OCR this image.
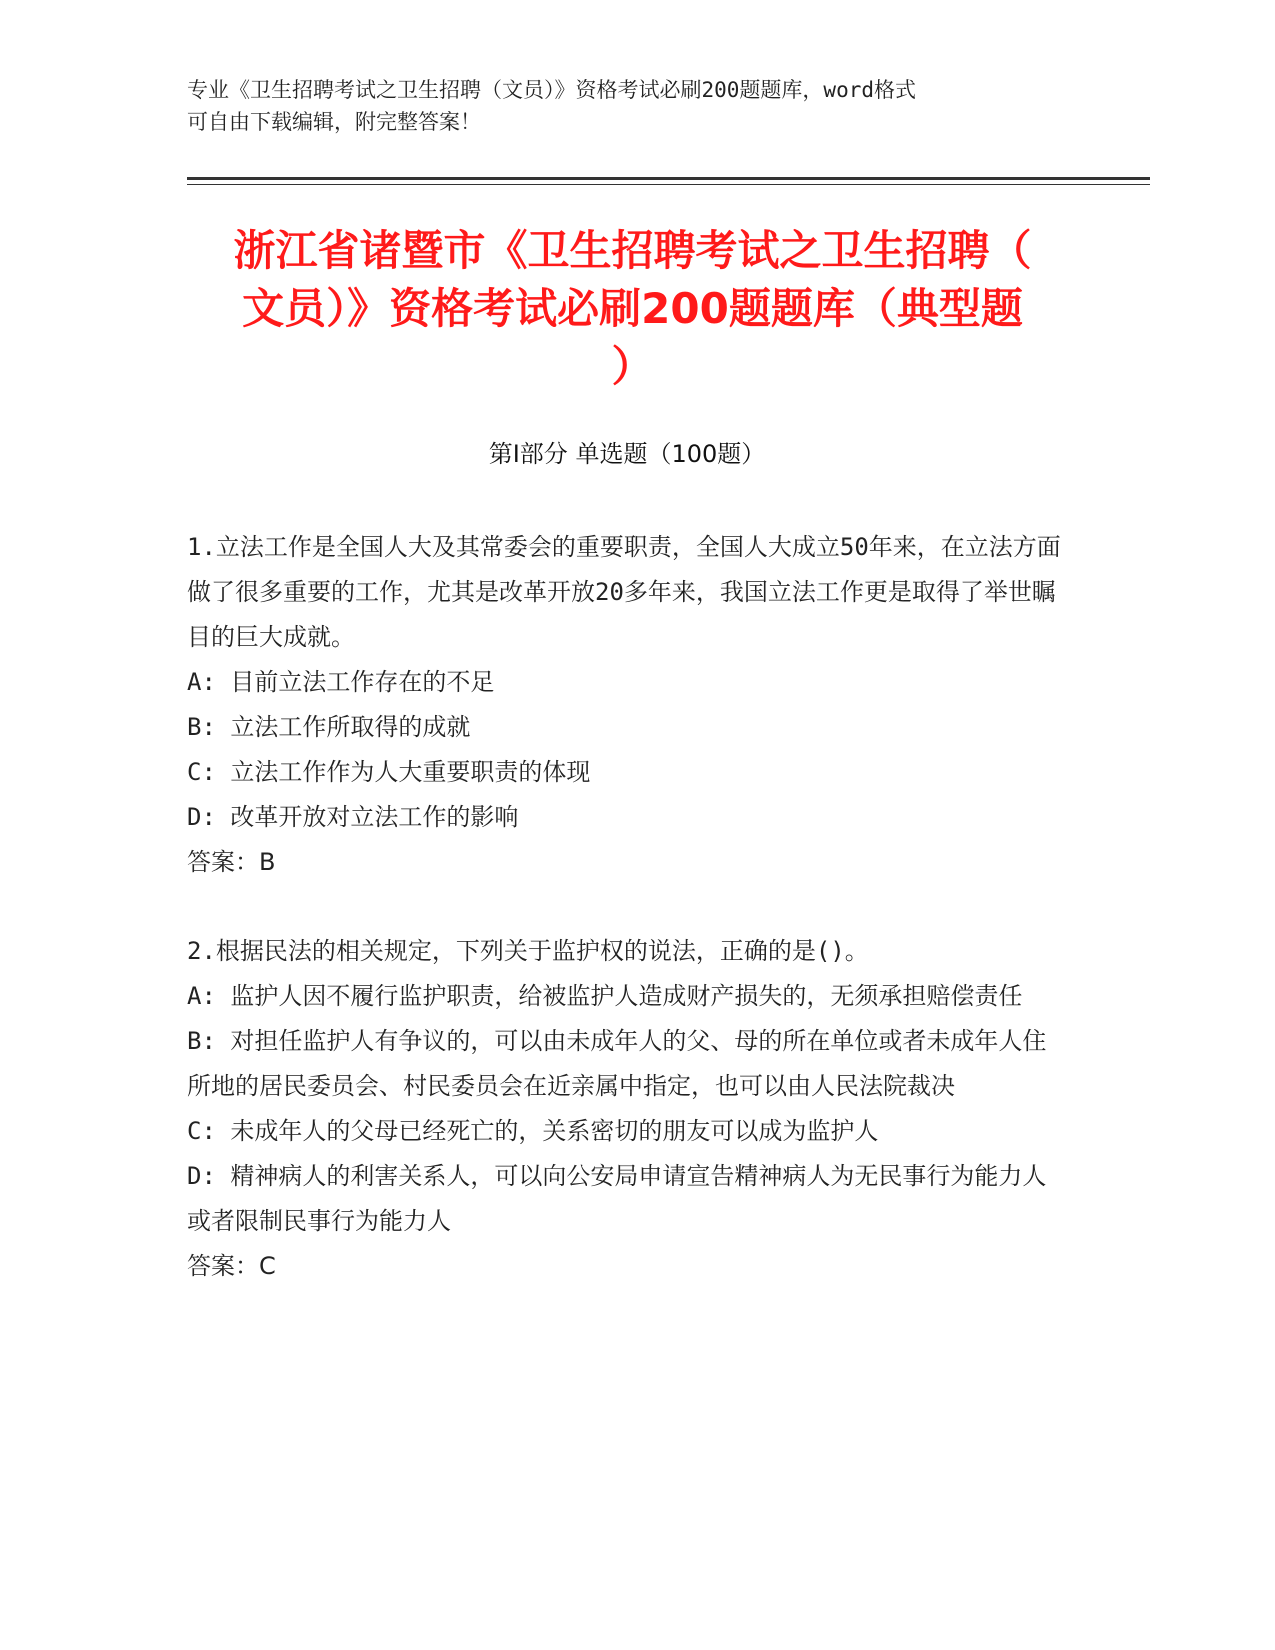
专业《卫生招聘考试之卫生招聘（文员）》资格考试必刷200题题库，word格式
可自由下载编辑，附完整答案！
浙江省诸暨市《卫生招聘考试之卫生招聘（
文员）》资格考试必刷200题题库（典型题
）
第I部分 单选题（100题）

1.立法工作是全国人大及其常委会的重要职责，全国人大成立50年来，在立法方面做了很多重要的工作，尤其是改革开放20多年来，我国立法工作更是取得了举世瞩目的巨大成就。

A: 目前立法工作存在的不足

B: 立法工作所取得的成就

C: 立法工作作为人大重要职责的体现

D: 改革开放对立法工作的影响

答案：B

2.根据民法的相关规定，下列关于监护权的说法，正确的是()。

A: 监护人因不履行监护职责，给被监护人造成财产损失的，无须承担赔偿责任

B: 对担任监护人有争议的，可以由未成年人的父、母的所在单位或者未成年人住所地的居民委员会、村民委员会在近亲属中指定，也可以由人民法院裁决

C: 未成年人的父母已经死亡的，关系密切的朋友可以成为监护人

D: 精神病人的利害关系人，可以向公安局申请宣告精神病人为无民事行为能力人或者限制民事行为能力人

答案：C
